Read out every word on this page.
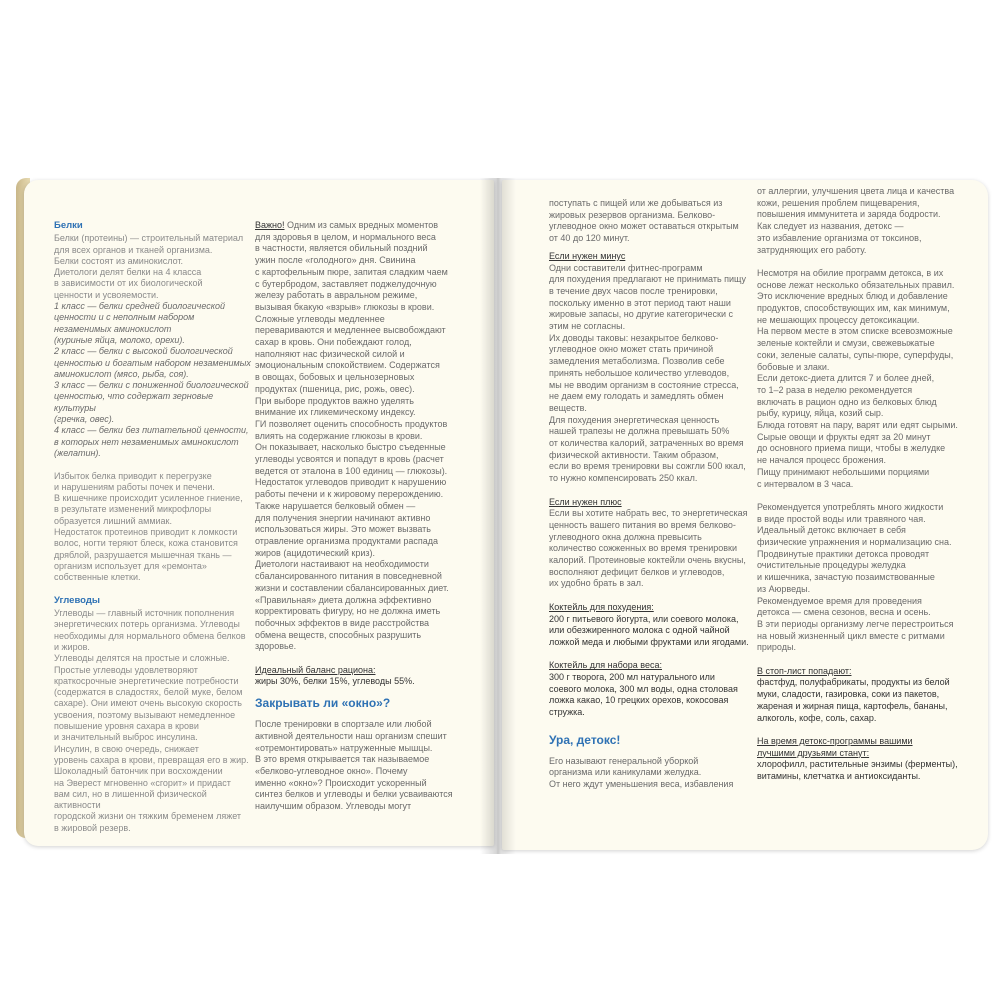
Белки

Белки (протеины) — строительный материал

для всех органов и тканей организма.

Белки состоят из аминокислот.

Диетологи делят белки на 4 класса

в зависимости от их биологической

ценности и усвояемости.

1 класс — белки средней биологической

ценности и с неполным набором

незаменимых аминокислот

(куриные яйца, молоко, орехи).

2 класс — белки с высокой биологической

ценностью и богатым набором незаменимых

аминокислот (мясо, рыба, соя).

3 класс — белки с пониженной биологической

ценностью, что содержат зерновые культуры

(гречка, овес).

4 класс — белки без питательной ценности,

в которых нет незаменимых аминокислот

(желатин).

Избыток белка приводит к перегрузке

и нарушениям работы почек и печени.

В кишечнике происходит усиленное гниение,

в результате изменений микрофлоры

образуется лишний аммиак.

Недостаток протеинов приводит к ломкости

волос, ногти теряют блеск, кожа становится

дряблой, разрушается мышечная ткань —

организм использует для «ремонта»

собственные клетки.

Углеводы

Углеводы — главный источник пополнения

энергетических потерь организма. Углеводы

необходимы для нормального обмена белков

и жиров.

Углеводы делятся на простые и сложные.

Простые углеводы удовлетворяют

краткосрочные энергетические потребности

(содержатся в сладостях, белой муке, белом

сахаре). Они имеют очень высокую скорость

усвоения, поэтому вызывают немедленное

повышение уровня сахара в крови

и значительный выброс инсулина.

Инсулин, в свою очередь, снижает

уровень сахара в крови, превращая его в жир.

Шоколадный батончик при восхождении

на Эверест мгновенно «сгорит» и придаст

вам сил, но в лишенной физической активности

городской жизни он тяжким бременем ляжет

в жировой резерв.

Важно! Одним из самых вредных моментов

для здоровья в целом, и нормального веса

в частности, является обильный поздний

ужин после «голодного» дня. Свинина

с картофельным пюре, запитая сладким чаем

с бутербродом, заставляет поджелудочную

железу работать в авральном режиме,

вызывая бкакую «взрыв» глюкозы в крови.

Сложные углеводы медленнее

перевариваются и медленнее высвобождают

сахар в кровь. Они побеждают голод,

наполняют нас физической силой и

эмоциональным спокойствием. Содержатся

в овощах, бобовых и цельнозерновых

продуктах (пшеница, рис, рожь, овес).

При выборе продуктов важно уделять

внимание их гликемическому индексу.

ГИ позволяет оценить способность продуктов

влиять на содержание глюкозы в крови.

Он показывает, насколько быстро съеденные

углеводы усвоятся и попадут в кровь (расчет

ведется от эталона в 100 единиц — глюкозы).

Недостаток углеводов приводит к нарушению

работы печени и к жировому перерождению.

Также нарушается белковый обмен —

для получения энергии начинают активно

использоваться жиры. Это может вызвать

отравление организма продуктами распада

жиров (ацидотический криз).

Диетологи настаивают на необходимости

сбалансированного питания в повседневной

жизни и составлении сбалансированных диет.

«Правильная» диета должна эффективно

корректировать фигуру, но не должна иметь

побочных эффектов в виде расстройства

обмена веществ, способных разрушить

здоровье.

Идеальный баланс рациона:
жиры 30%, белки 15%, углеводы 55%.
Закрывать ли «окно»?

После тренировки в спортзале или любой

активной деятельности наш организм спешит

«отремонтировать» натруженные мышцы.

В это время открывается так называемое

«белково-углеводное окно». Почему

именно «окно»? Происходит ускоренный

синтез белков и углеводы и белки усваиваются

наилучшим образом. Углеводы могут

поступать с пищей или же добываться из

жировых резервов организма. Белково-

углеводное окно может оставаться открытым

от 40 до 120 минут.

Если нужен минус

Одни составители фитнес-программ

для похудения предлагают не принимать пищу

в течение двух часов после тренировки,

поскольку именно в этот период тают наши

жировые запасы, но другие категорически с

этим не согласны.

Их доводы таковы: незакрытое белково-

углеводное окно может стать причиной

замедления метаболизма. Позволив себе

принять небольшое количество углеводов,

мы не вводим организм в состояние стресса,

не даем ему голодать и замедлять обмен

веществ.

Для похудения энергетическая ценность

нашей трапезы не должна превышать 50%

от количества калорий, затраченных во время

физической активности. Таким образом,

если во время тренировки вы сожгли 500 ккал,

то нужно компенсировать 250 ккал.

Если нужен плюс

Если вы хотите набрать вес, то энергетическая

ценность вашего питания во время белково-

углеводного окна должна превысить

количество сожженных во время тренировки

калорий. Протеиновые коктейли очень вкусны,

восполняют дефицит белков и углеводов,

их удобно брать в зал.

Коктейль для похудения:

200 г питьевого йогурта, или соевого молока,

или обезжиренного молока с одной чайной

ложкой меда и любыми фруктами или ягодами.

Коктейль для набора веса:

300 г творога, 200 мл натурального или

соевого молока, 300 мл воды, одна столовая

ложка какао, 10 грецких орехов, кокосовая

стружка.

Ура, детокс!

Его называют генеральной уборкой

организма или каникулами желудка.

От него ждут уменьшения веса, избавления

от аллергии, улучшения цвета лица и качества

кожи, решения проблем пищеварения,

повышения иммунитета и заряда бодрости.

Как следует из названия, детокс —

это избавление организма от токсинов,

затрудняющих его работу.

Несмотря на обилие программ детокса, в их

основе лежат несколько обязательных правил.

Это исключение вредных блюд и добавление

продуктов, способствующих им, как минимум,

не мешающих процессу детоксикации.

На первом месте в этом списке всевозможные

зеленые коктейли и смузи, свежевыжатые

соки, зеленые салаты, супы-пюре, суперфуды,

бобовые и злаки.

Если детокс-диета длится 7 и более дней,

то 1–2 раза в неделю рекомендуется

включать в рацион одно из белковых блюд

рыбу, курицу, яйца, козий сыр.

Блюда готовят на пару, варят или едят сырыми.

Сырые овощи и фрукты едят за 20 минут

до основного приема пищи, чтобы в желудке

не начался процесс брожения.

Пищу принимают небольшими порциями

с интервалом в 3 часа.

Рекомендуется употреблять много жидкости

в виде простой воды или травяного чая.

Идеальный детокс включает в себя

физические упражнения и нормализацию сна.

Продвинутые практики детокса проводят

очистительные процедуры желудка

и кишечника, зачастую позаимствованные

из Аюрведы.

Рекомендуемое время для проведения

детокса — смена сезонов, весна и осень.

В эти периоды организму легче перестроиться

на новый жизненный цикл вместе с ритмами

природы.

В стоп-лист попадают:

фастфуд, полуфабрикаты, продукты из белой

муки, сладости, газировка, соки из пакетов,

жареная и жирная пища, картофель, бананы,

алкоголь, кофе, соль, сахар.

На время детокс-программы вашими

лучшими друзьями станут:

хлорофилл, растительные энзимы (ферменты),

витамины, клетчатка и антиоксиданты.
